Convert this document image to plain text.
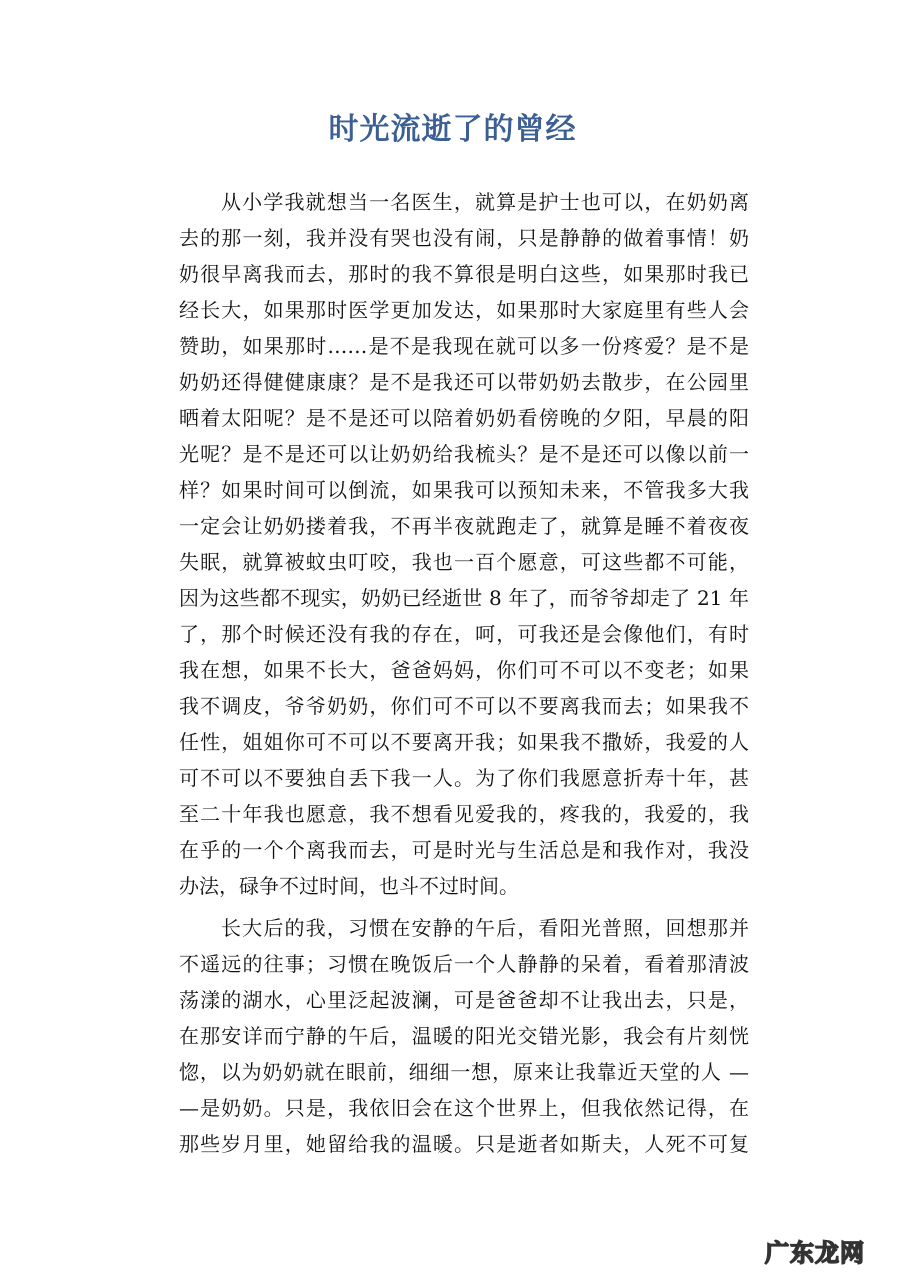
时光流逝了的曾经
从小学我就想当一名医生，就算是护士也可以，在奶奶离
去的那一刻，我并没有哭也没有闹，只是静静的做着事情！奶
奶很早离我而去，那时的我不算很是明白这些，如果那时我已
经长大，如果那时医学更加发达，如果那时大家庭里有些人会
赞助，如果那时……是不是我现在就可以多一份疼爱？是不是
奶奶还得健健康康？是不是我还可以带奶奶去散步，在公园里
晒着太阳呢？是不是还可以陪着奶奶看傍晚的夕阳，早晨的阳
光呢？是不是还可以让奶奶给我梳头？是不是还可以像以前一
样？如果时间可以倒流，如果我可以预知未来，不管我多大我
一定会让奶奶搂着我，不再半夜就跑走了，就算是睡不着夜夜
失眠，就算被蚊虫叮咬，我也一百个愿意，可这些都不可能，
因为这些都不现实，奶奶已经逝世 8 年了，而爷爷却走了 21 年
了，那个时候还没有我的存在，呵，可我还是会像他们，有时
我在想，如果不长大，爸爸妈妈，你们可不可以不变老；如果
我不调皮，爷爷奶奶，你们可不可以不要离我而去；如果我不
任性，姐姐你可不可以不要离开我；如果我不撒娇，我爱的人
可不可以不要独自丢下我一人。为了你们我愿意折寿十年，甚
至二十年我也愿意，我不想看见爱我的，疼我的，我爱的，我
在乎的一个个离我而去，可是时光与生活总是和我作对，我没
办法，碌争不过时间，也斗不过时间。
长大后的我，习惯在安静的午后，看阳光普照，回想那并
不遥远的往事；习惯在晚饭后一个人静静的呆着，看着那清波
荡漾的湖水，心里泛起波澜，可是爸爸却不让我出去，只是，
在那安详而宁静的午后，温暖的阳光交错光影，我会有片刻恍
惚，以为奶奶就在眼前，细细一想，原来让我靠近天堂的人 —
—是奶奶。只是，我依旧会在这个世界上，但我依然记得，在
那些岁月里，她留给我的温暖。只是逝者如斯夫，人死不可复
广东龙网
